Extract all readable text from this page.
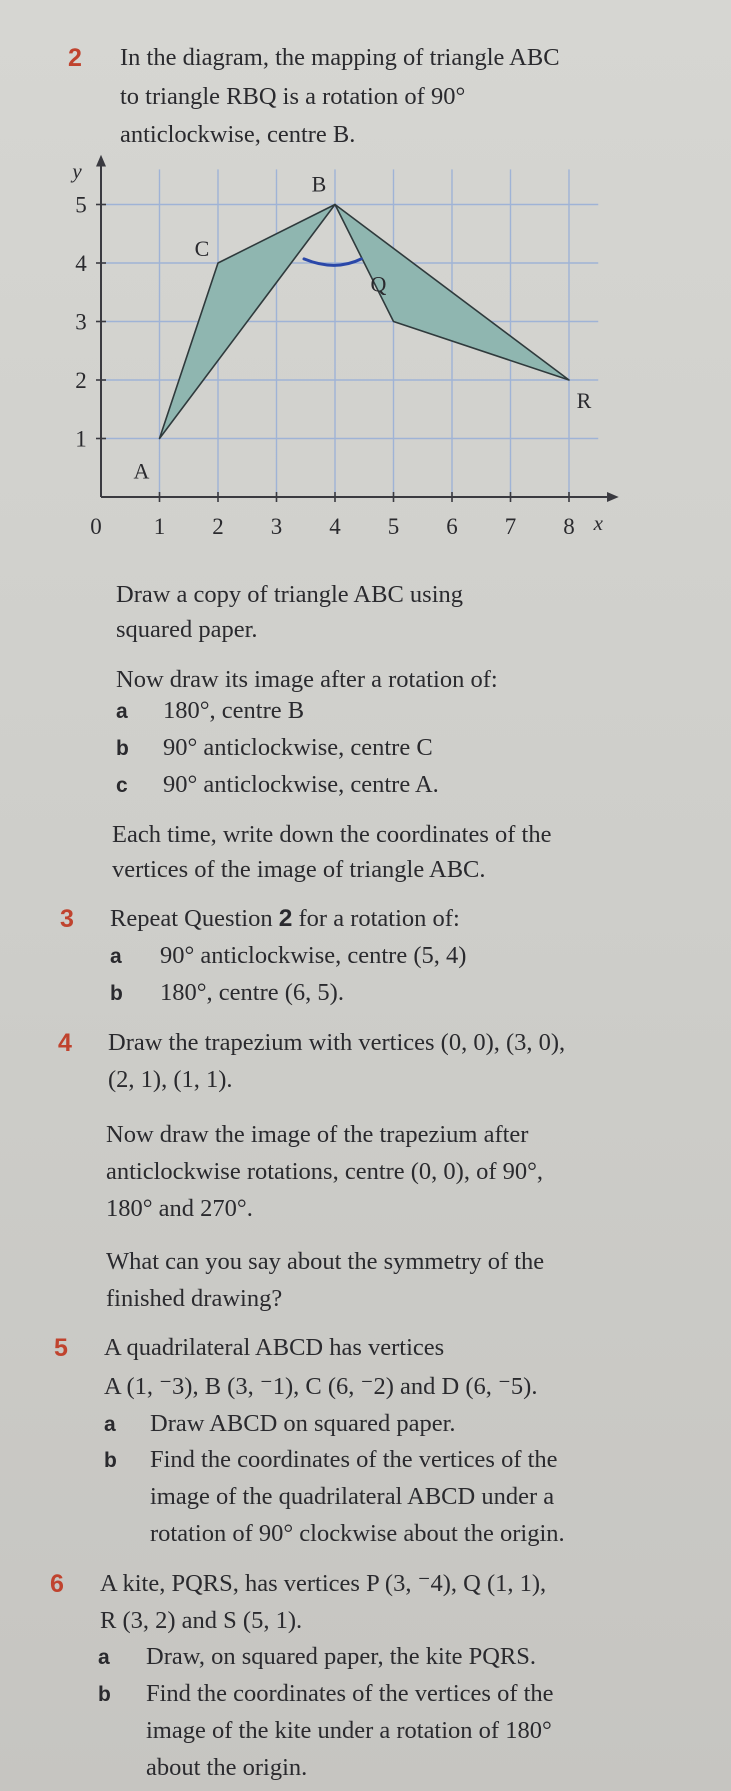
2 In the diagram, the mapping of triangle ABC
to triangle RBQ is a rotation of 90°
anticlockwise, centre B.
1 2 3 4 5 6 7 8
1
2
3
4
5
0	x
y
A
B
C
Q
R
Draw a copy of triangle ABC using
squared paper.
Now draw its image after a rotation of:
a 180°, centre B
b 90° anticlockwise, centre C
c 90° anticlockwise, centre A.
Each time, write down the coordinates of the
vertices of the image of triangle ABC.
3 Repeat Question 2 for a rotation of:
a 90° anticlockwise, centre (5, 4)
b 180°, centre (6, 5).
4 Draw the trapezium with vertices (0, 0), (3, 0),
(2, 1), (1, 1).
Now draw the image of the trapezium after
anticlockwise rotations, centre (0, 0), of 90°,
180° and 270°.
What can you say about the symmetry of the
finished drawing?
5 A quadrilateral ABCD has vertices
A (1, ⁻3), B (3, ⁻1), C (6, ⁻2) and D (6, ⁻5).
a Draw ABCD on squared paper.
b Find the coordinates of the vertices of the
image of the quadrilateral ABCD under a
rotation of 90° clockwise about the origin.
6 A kite, PQRS, has vertices P (3, ⁻4), Q (1, 1),
R (3, 2) and S (5, 1).
a Draw, on squared paper, the kite PQRS.
b Find the coordinates of the vertices of the
image of the kite under a rotation of 180°
about the origin.
